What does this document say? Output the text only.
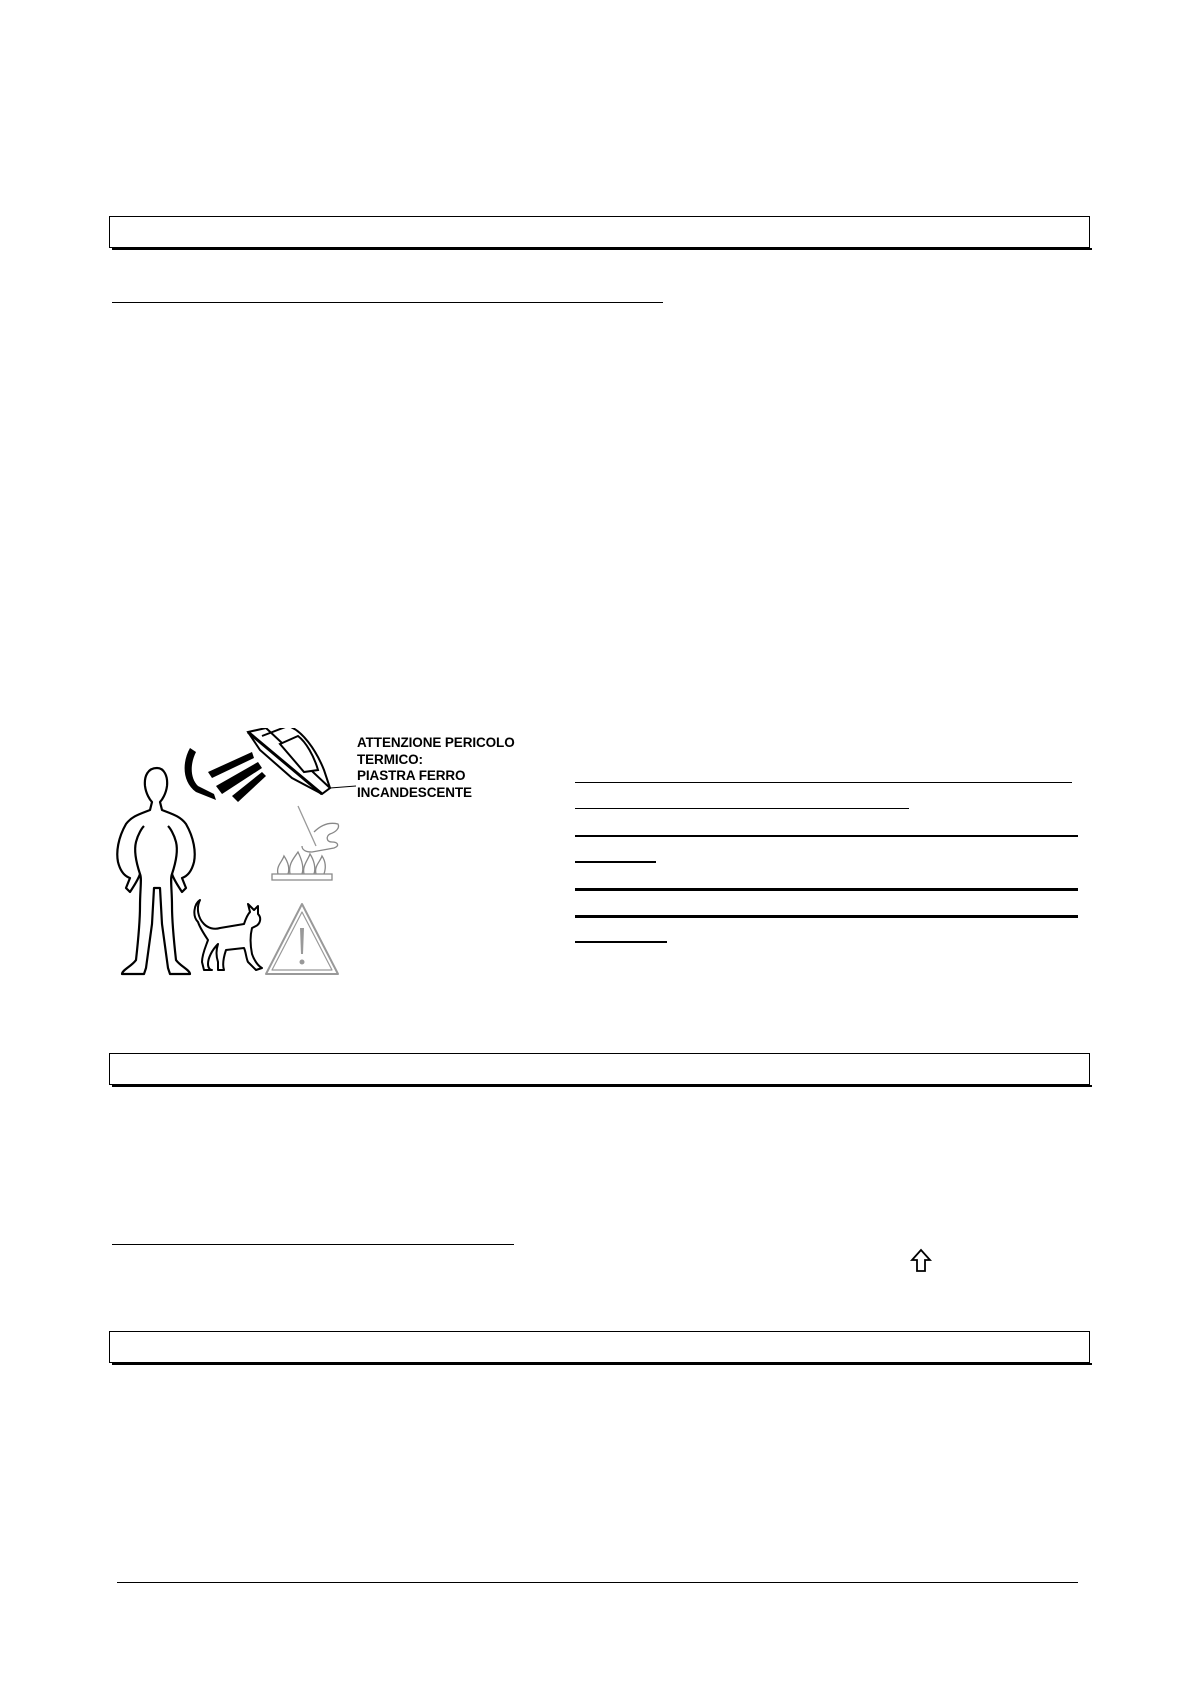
ATTENZIONE PERICOLO
TERMICO:
PIASTRA FERRO
INCANDESCENTE
